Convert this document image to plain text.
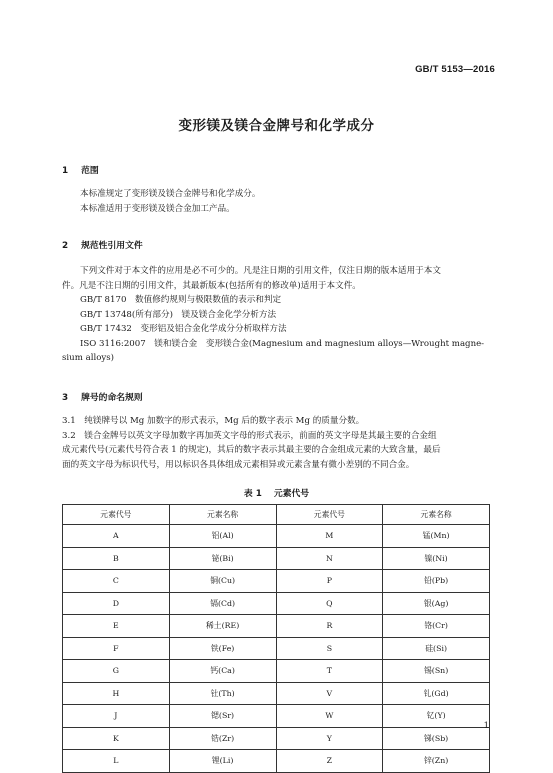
GB/T 5153—2016
变形镁及镁合金牌号和化学成分
1 范围
本标准规定了变形镁及镁合金牌号和化学成分。
本标准适用于变形镁及镁合金加工产品。
2 规范性引用文件
下列文件对于本文件的应用是必不可少的。凡是注日期的引用文件，仅注日期的版本适用于本文
件。凡是不注日期的引用文件，其最新版本(包括所有的修改单)适用于本文件。
GB/T 8170　数值修约规则与极限数值的表示和判定
GB/T 13748(所有部分)　镁及镁合金化学分析方法
GB/T 17432　变形铝及铝合金化学成分分析取样方法
ISO 3116:2007　镁和镁合金　变形镁合金(Magnesium and magnesium alloys—Wrought magne-
sium alloys)
3 牌号的命名规则
3.1　纯镁牌号以 Mg 加数字的形式表示，Mg 后的数字表示 Mg 的质量分数。
3.2　镁合金牌号以英文字母加数字再加英文字母的形式表示，前面的英文字母是其最主要的合金组
成元素代号(元素代号符合表 1 的规定)，其后的数字表示其最主要的合金组成元素的大致含量，最后
面的英文字母为标识代号，用以标识各具体组成元素相异或元素含量有微小差别的不同合金。
表 1 元素代号
元素代号	元素名称	元素代号	元素名称
A	铝(Al)	M	锰(Mn)
B	铋(Bi)	N	镍(Ni)
C	铜(Cu)	P	铅(Pb)
D	镉(Cd)	Q	银(Ag)
E	稀土(RE)	R	铬(Cr)
F	铁(Fe)	S	硅(Si)
G	钙(Ca)	T	锡(Sn)
H	钍(Th)	V	钆(Gd)
J	锶(Sr)	W	钇(Y)
K	锆(Zr)	Y	锑(Sb)
L	锂(Li)	Z	锌(Zn)
1
